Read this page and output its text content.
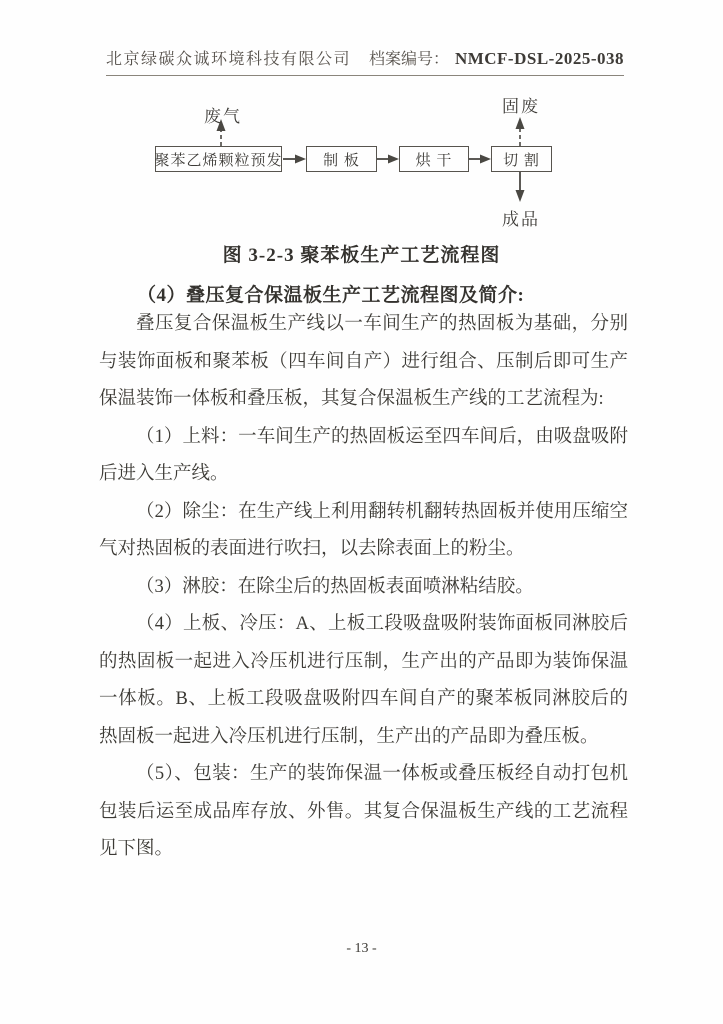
北京绿碳众诚环境科技有限公司 档案编号： NMCF-DSL-2025-038
废气
固废
成品
聚苯乙烯颗粒预发	制 板	烘 干	切 割
图 3-2-3 聚苯板生产工艺流程图
（4）叠压复合保温板生产工艺流程图及简介:

叠压复合保温板生产线以一车间生产的热固板为基础，分别与装饰面板和聚苯板（四车间自产）进行组合、压制后即可生产保温装饰一体板和叠压板，其复合保温板生产线的工艺流程为:

（1）上料：一车间生产的热固板运至四车间后，由吸盘吸附后进入生产线。

（2）除尘：在生产线上利用翻转机翻转热固板并使用压缩空气对热固板的表面进行吹扫，以去除表面上的粉尘。

（3）淋胶：在除尘后的热固板表面喷淋粘结胶。

（4）上板、冷压：A、上板工段吸盘吸附装饰面板同淋胶后的热固板一起进入冷压机进行压制，生产出的产品即为装饰保温一体板。B、上板工段吸盘吸附四车间自产的聚苯板同淋胶后的热固板一起进入冷压机进行压制，生产出的产品即为叠压板。

（5）、包装：生产的装饰保温一体板或叠压板经自动打包机包装后运至成品库存放、外售。其复合保温板生产线的工艺流程见下图。

- 13 -
